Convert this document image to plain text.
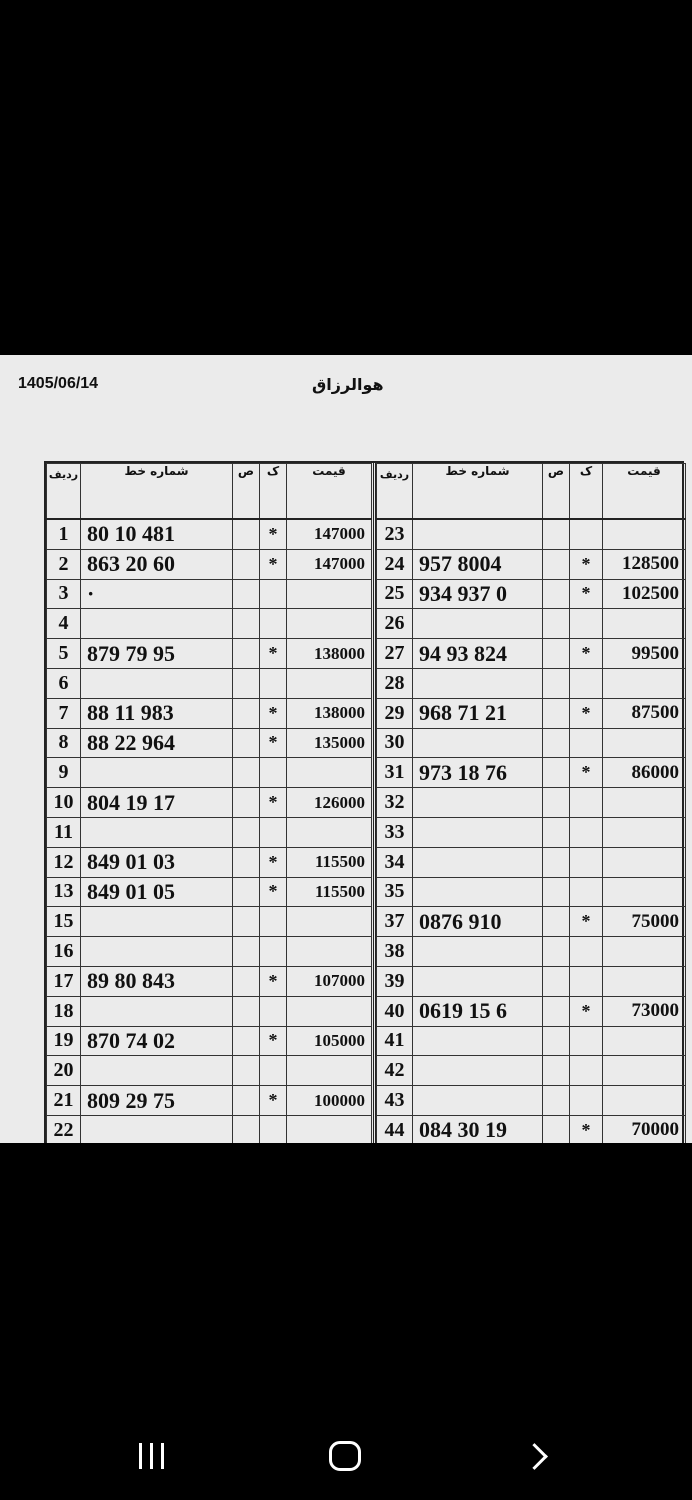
1405/06/14	هوالرزاق
ردیف	شماره خط	ص	ک	قیمت
1	80 10 481		*	147000
2	863 20 60		*	147000
3	·			
4				
5	879 79 95		*	138000
6				
7	88 11 983		*	138000
8	88 22 964		*	135000
9				
10	804 19 17		*	126000
11				
12	849 01 03		*	115500
13	849 01 05		*	115500
15				
16				
17	89 80 843		*	107000
18				
19	870 74 02		*	105000
20				
21	809 29 75		*	100000
22				
ردیف	شماره خط	ص	ک	قیمت
23				
24	957 8004		*	128500
25	934 937 0		*	102500
26				
27	94 93 824		*	99500
28				
29	968 71 21		*	87500
30				
31	973 18 76		*	86000
32				
33				
34				
35				
37	0876 910		*	75000
38				
39				
40	0619 15 6		*	73000
41				
42				
43				
44	084 30 19		*	70000
